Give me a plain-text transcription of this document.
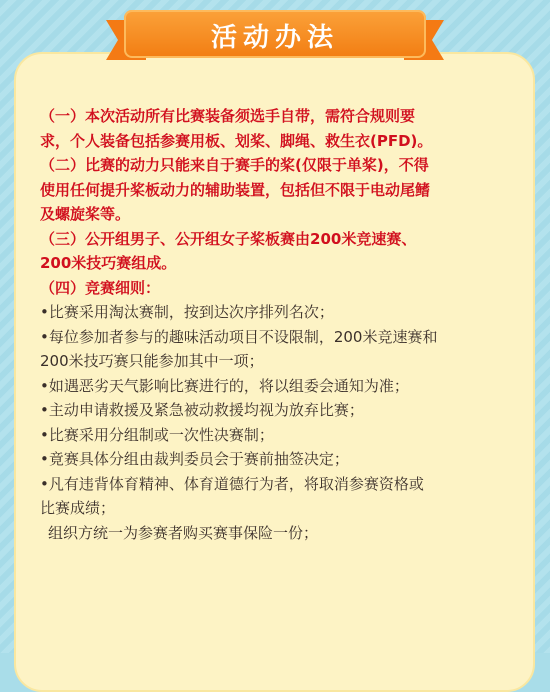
活动办法
（一）本次活动所有比赛装备须选手自带，需符合规则要
求，个人装备包括参赛用板、划桨、脚绳、救生衣(PFD)。
（二）比赛的动力只能来自于赛手的桨(仅限于单桨)，不得
使用任何提升桨板动力的辅助装置，包括但不限于电动尾鳍
及螺旋桨等。
（三）公开组男子、公开组女子桨板赛由200米竞速赛、
200米技巧赛组成。
（四）竞赛细则：
•比赛采用淘汰赛制，按到达次序排列名次；
•每位参加者参与的趣味活动项目不设限制，200米竞速赛和
200米技巧赛只能参加其中一项；
•如遇恶劣天气影响比赛进行的，将以组委会通知为准；
•主动申请救援及紧急被动救援均视为放弃比赛；
•比赛采用分组制或一次性决赛制；
•竟赛具体分组由裁判委员会于赛前抽签决定；
•凡有违背体育精神、体育道德行为者，将取消参赛资格或
比赛成绩；
组织方统一为参赛者购买赛事保险一份；
